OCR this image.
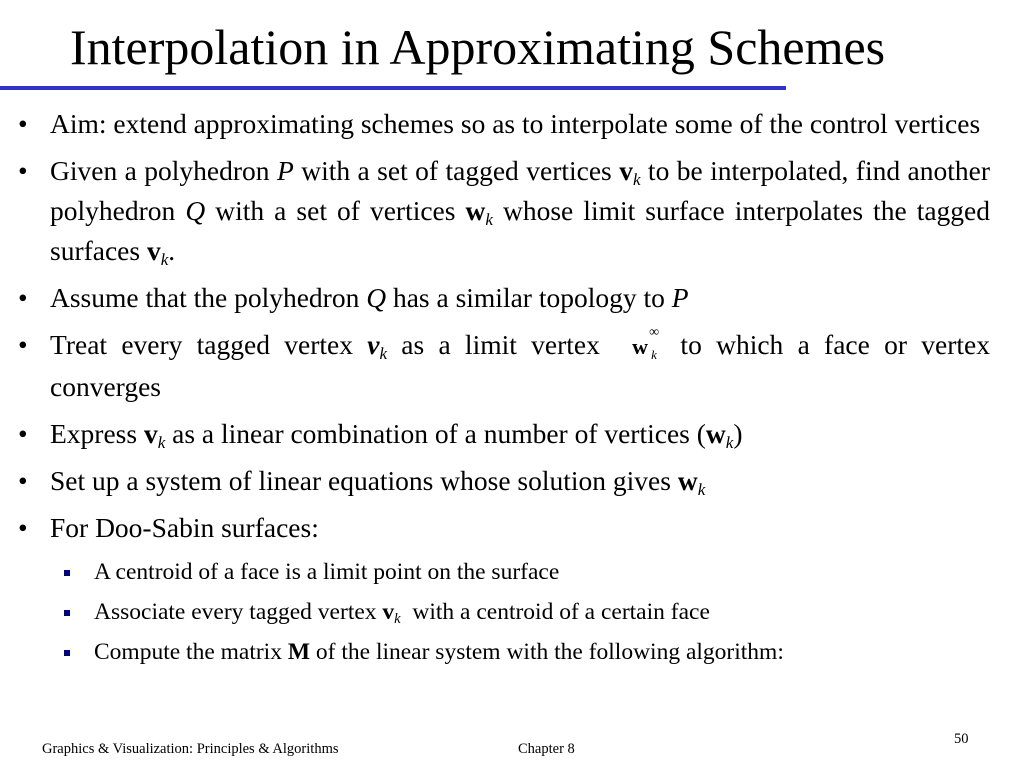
Interpolation in Approximating Schemes
• Aim: extend approximating schemes so as to interpolate some of the control vertices
• Given a polyhedron P with a set of tagged vertices $v_k$ to be interpolated, find another polyhedron Q with a set of vertices $w_k$ whose limit surface interpolates the tagged surfaces $v_k$.
• Assume that the polyhedron Q has a similar topology to P
• Treat every tagged vertex $v_k$ as a limit vertex w
∞
k to which a face or vertex converges
• Express $v_k$ as a linear combination of a number of vertices $(w_k)$
• Set up a system of linear equations whose solution gives $w_k$
• For Doo-Sabin surfaces:
A centroid of a face is a limit point on the surface
Associate every tagged vertex $v_k$  with a centroid of a certain face
Compute the matrix M of the linear system with the following algorithm:
Graphics & Visualization: Principles & Algorithms	Chapter 8
50
